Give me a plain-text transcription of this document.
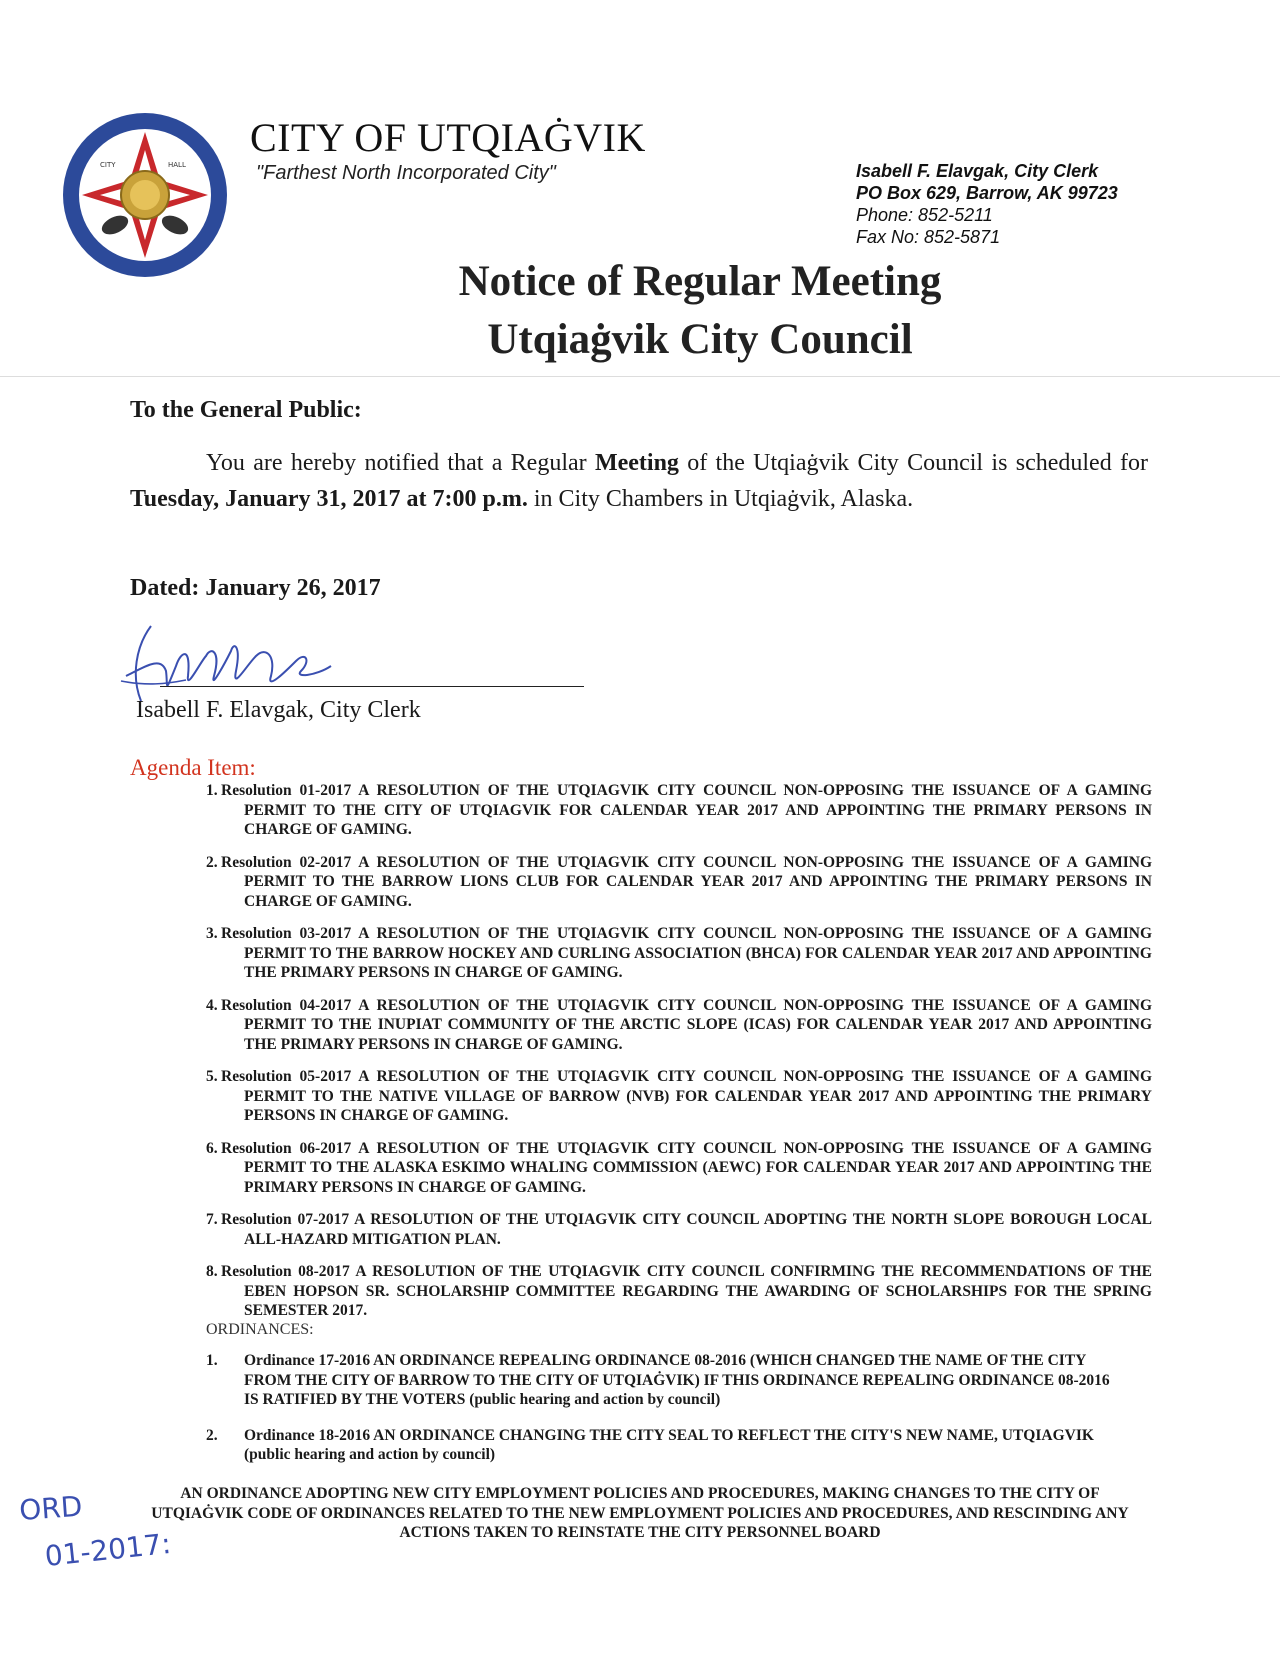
CITY	HALL
CITY OF UTQIAĠVIK
"Farthest North Incorporated City"	Isabell F. Elavgak, City Clerk
PO Box 629, Barrow, AK 99723
Phone: 852-5211
Fax No: 852-5871
Notice of Regular Meeting
Utqiaġvik City Council
To the General Public:
You are hereby notified that a Regular Meeting of the Utqiaġvik City Council is scheduled for Tuesday, January 31, 2017 at 7:00 p.m. in City Chambers in Utqiaġvik, Alaska.
Dated: January 26, 2017
Isabell F. Elavgak, City Clerk
Agenda Item:
1. Resolution 01-2017 A RESOLUTION OF THE UTQIAGVIK CITY COUNCIL NON-OPPOSING THE ISSUANCE OF A GAMING PERMIT TO THE CITY OF UTQIAGVIK FOR CALENDAR YEAR 2017 AND APPOINTING THE PRIMARY PERSONS IN CHARGE OF GAMING.
2. Resolution 02-2017 A RESOLUTION OF THE UTQIAGVIK CITY COUNCIL NON-OPPOSING THE ISSUANCE OF A GAMING PERMIT TO THE BARROW LIONS CLUB FOR CALENDAR YEAR 2017 AND APPOINTING THE PRIMARY PERSONS IN CHARGE OF GAMING.
3. Resolution 03-2017 A RESOLUTION OF THE UTQIAGVIK CITY COUNCIL NON-OPPOSING THE ISSUANCE OF A GAMING PERMIT TO THE BARROW HOCKEY AND CURLING ASSOCIATION (BHCA) FOR CALENDAR YEAR 2017 AND APPOINTING THE PRIMARY PERSONS IN CHARGE OF GAMING.
4. Resolution 04-2017 A RESOLUTION OF THE UTQIAGVIK CITY COUNCIL NON-OPPOSING THE ISSUANCE OF A GAMING PERMIT TO THE INUPIAT COMMUNITY OF THE ARCTIC SLOPE (ICAS) FOR CALENDAR YEAR 2017 AND APPOINTING THE PRIMARY PERSONS IN CHARGE OF GAMING.
5. Resolution 05-2017 A RESOLUTION OF THE UTQIAGVIK CITY COUNCIL NON-OPPOSING THE ISSUANCE OF A GAMING PERMIT TO THE NATIVE VILLAGE OF BARROW (NVB) FOR CALENDAR YEAR 2017 AND APPOINTING THE PRIMARY PERSONS IN CHARGE OF GAMING.
6. Resolution 06-2017 A RESOLUTION OF THE UTQIAGVIK CITY COUNCIL NON-OPPOSING THE ISSUANCE OF A GAMING PERMIT TO THE ALASKA ESKIMO WHALING COMMISSION (AEWC) FOR CALENDAR YEAR 2017 AND APPOINTING THE PRIMARY PERSONS IN CHARGE OF GAMING.
7. Resolution 07-2017 A RESOLUTION OF THE UTQIAGVIK CITY COUNCIL ADOPTING THE NORTH SLOPE BOROUGH LOCAL ALL-HAZARD MITIGATION PLAN.
8. Resolution 08-2017 A RESOLUTION OF THE UTQIAGVIK CITY COUNCIL CONFIRMING THE RECOMMENDATIONS OF THE EBEN HOPSON SR. SCHOLARSHIP COMMITTEE REGARDING THE AWARDING OF SCHOLARSHIPS FOR THE SPRING SEMESTER 2017.
ORDINANCES:
1. Ordinance 17-2016 AN ORDINANCE REPEALING ORDINANCE 08-2016 (WHICH CHANGED THE NAME OF THE CITY FROM THE CITY OF BARROW TO THE CITY OF UTQIAĠVIK) IF THIS ORDINANCE REPEALING ORDINANCE 08-2016 IS RATIFIED BY THE VOTERS (public hearing and action by council)
2. Ordinance 18-2016 AN ORDINANCE CHANGING THE CITY SEAL TO REFLECT THE CITY'S NEW NAME, UTQIAGVIK (public hearing and action by council)
ORD
01-2017:
AN ORDINANCE ADOPTING NEW CITY EMPLOYMENT POLICIES AND PROCEDURES, MAKING CHANGES TO THE CITY OF UTQIAĠVIK CODE OF ORDINANCES RELATED TO THE NEW EMPLOYMENT POLICIES AND PROCEDURES, AND RESCINDING ANY ACTIONS TAKEN TO REINSTATE THE CITY PERSONNEL BOARD
